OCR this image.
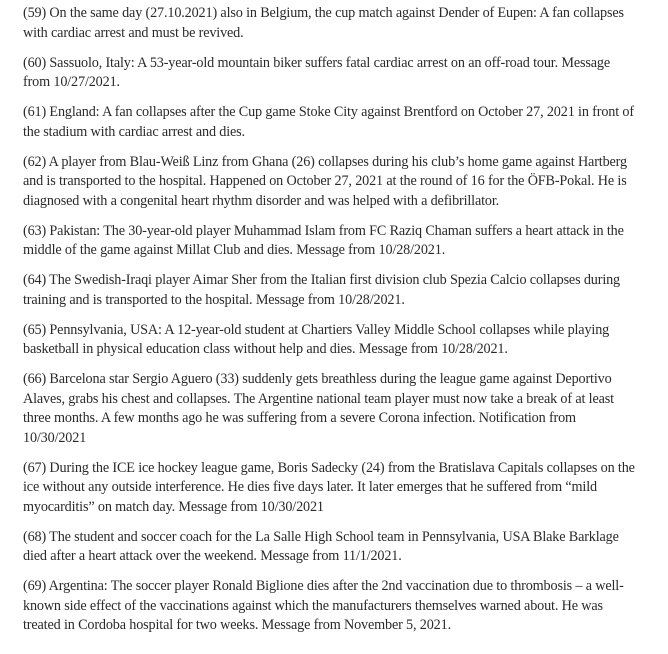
(59) On the same day (27.10.2021) also in Belgium, the cup match against Dender of Eupen: A fan collapses
with cardiac arrest and must be revived.

(60) Sassuolo, Italy: A 53-year-old mountain biker suffers fatal cardiac arrest on an off-road tour. Message
from 10/27/2021.

(61) England: A fan collapses after the Cup game Stoke City against Brentford on October 27, 2021 in front of
the stadium with cardiac arrest and dies.

(62) A player from Blau-Weiß Linz from Ghana (26) collapses during his club’s home game against Hartberg
and is transported to the hospital. Happened on October 27, 2021 at the round of 16 for the ÖFB-Pokal. He is
diagnosed with a congenital heart rhythm disorder and was helped with a defibrillator.

(63) Pakistan: The 30-year-old player Muhammad Islam from FC Raziq Chaman suffers a heart attack in the
middle of the game against Millat Club and dies. Message from 10/28/2021.

(64) The Swedish-Iraqi player Aimar Sher from the Italian first division club Spezia Calcio collapses during
training and is transported to the hospital. Message from 10/28/2021.

(65) Pennsylvania, USA: A 12-year-old student at Chartiers Valley Middle School collapses while playing
basketball in physical education class without help and dies. Message from 10/28/2021.

(66) Barcelona star Sergio Aguero (33) suddenly gets breathless during the league game against Deportivo
Alaves, grabs his chest and collapses. The Argentine national team player must now take a break of at least
three months. A few months ago he was suffering from a severe Corona infection. Notification from
10/30/2021

(67) During the ICE ice hockey league game, Boris Sadecky (24) from the Bratislava Capitals collapses on the
ice without any outside interference. He dies five days later. It later emerges that he suffered from “mild
myocarditis” on match day. Message from 10/30/2021

(68) The student and soccer coach for the La Salle High School team in Pennsylvania, USA Blake Barklage
died after a heart attack over the weekend. Message from 11/1/2021.

(69) Argentina: The soccer player Ronald Biglione dies after the 2nd vaccination due to thrombosis – a well-
known side effect of the vaccinations against which the manufacturers themselves warned about. He was
treated in Cordoba hospital for two weeks. Message from November 5, 2021.
